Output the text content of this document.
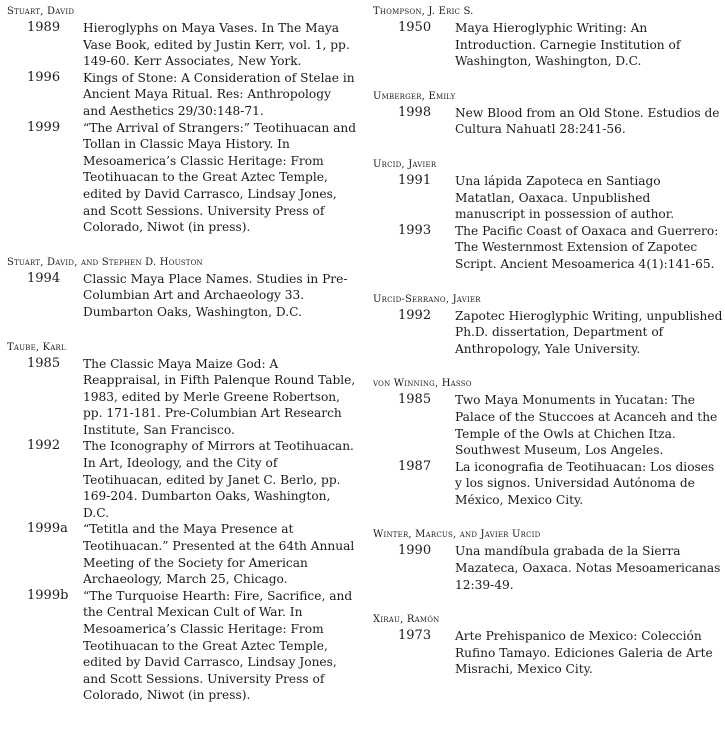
Stuart, David
1989	Hieroglyphs on Maya Vases. In The Maya Vase Book, edited by Justin Kerr, vol. 1, pp. 149-60. Kerr Associates, New York.
1996	Kings of Stone: A Consideration of Stelae in Ancient Maya Ritual. Res: Anthropology and Aesthetics 29/30:148-71.
1999	“The Arrival of Strangers:” Teotihuacan and Tollan in Classic Maya History. In Mesoamerica’s Classic Heritage: From Teotihuacan to the Great Aztec Temple, edited by David Carrasco, Lindsay Jones, and Scott Sessions. University Press of Colorado, Niwot (in press).
Stuart, David, and Stephen D. Houston
1994	Classic Maya Place Names. Studies in Pre-Columbian Art and Archaeology 33. Dumbarton Oaks, Washington, D.C.
Taube, Karl
1985	The Classic Maya Maize God: A Reappraisal, in Fifth Palenque Round Table, 1983, edited by Merle Greene Robertson, pp. 171-181. Pre-Columbian Art Research Institute, San Francisco.
1992	The Iconography of Mirrors at Teotihuacan. In Art, Ideology, and the City of Teotihuacan, edited by Janet C. Berlo, pp. 169-204. Dumbarton Oaks, Washington, D.C.
1999a	“Tetitla and the Maya Presence at Teotihuacan.” Presented at the 64th Annual Meeting of the Society for American Archaeology, March 25, Chicago.
1999b	“The Turquoise Hearth: Fire, Sacrifice, and the Central Mexican Cult of War. In Mesoamerica’s Classic Heritage: From Teotihuacan to the Great Aztec Temple, edited by David Carrasco, Lindsay Jones, and Scott Sessions. University Press of Colorado, Niwot (in press).
Thompson, J. Eric S.
1950	Maya Hieroglyphic Writing: An Introduction. Carnegie Institution of Washington, Washington, D.C.
Umberger, Emily
1998	New Blood from an Old Stone. Estudios de Cultura Nahuatl 28:241-56.
Urcid, Javier
1991	Una lápida Zapoteca en Santiago Matatlan, Oaxaca. Unpublished manuscript in possession of author.
1993	The Pacific Coast of Oaxaca and Guerrero: The Westernmost Extension of Zapotec Script. Ancient Mesoamerica 4(1):141-65.
Urcid-Serrano, Javier
1992	Zapotec Hieroglyphic Writing, unpublished Ph.D. dissertation, Department of Anthropology, Yale University.
von Winning, Hasso
1985	Two Maya Monuments in Yucatan: The Palace of the Stuccoes at Acanceh and the Temple of the Owls at Chichen Itza. Southwest Museum, Los Angeles.
1987	La iconografia de Teotihuacan: Los dioses y los signos. Universidad Autónoma de México, Mexico City.
Winter, Marcus, and Javier Urcid
1990	Una mandíbula grabada de la Sierra Mazateca, Oaxaca. Notas Mesoamericanas 12:39-49.
Xirau, Ramón
1973	Arte Prehispanico de Mexico: Colección Rufino Tamayo. Ediciones Galeria de Arte Misrachi, Mexico City.
